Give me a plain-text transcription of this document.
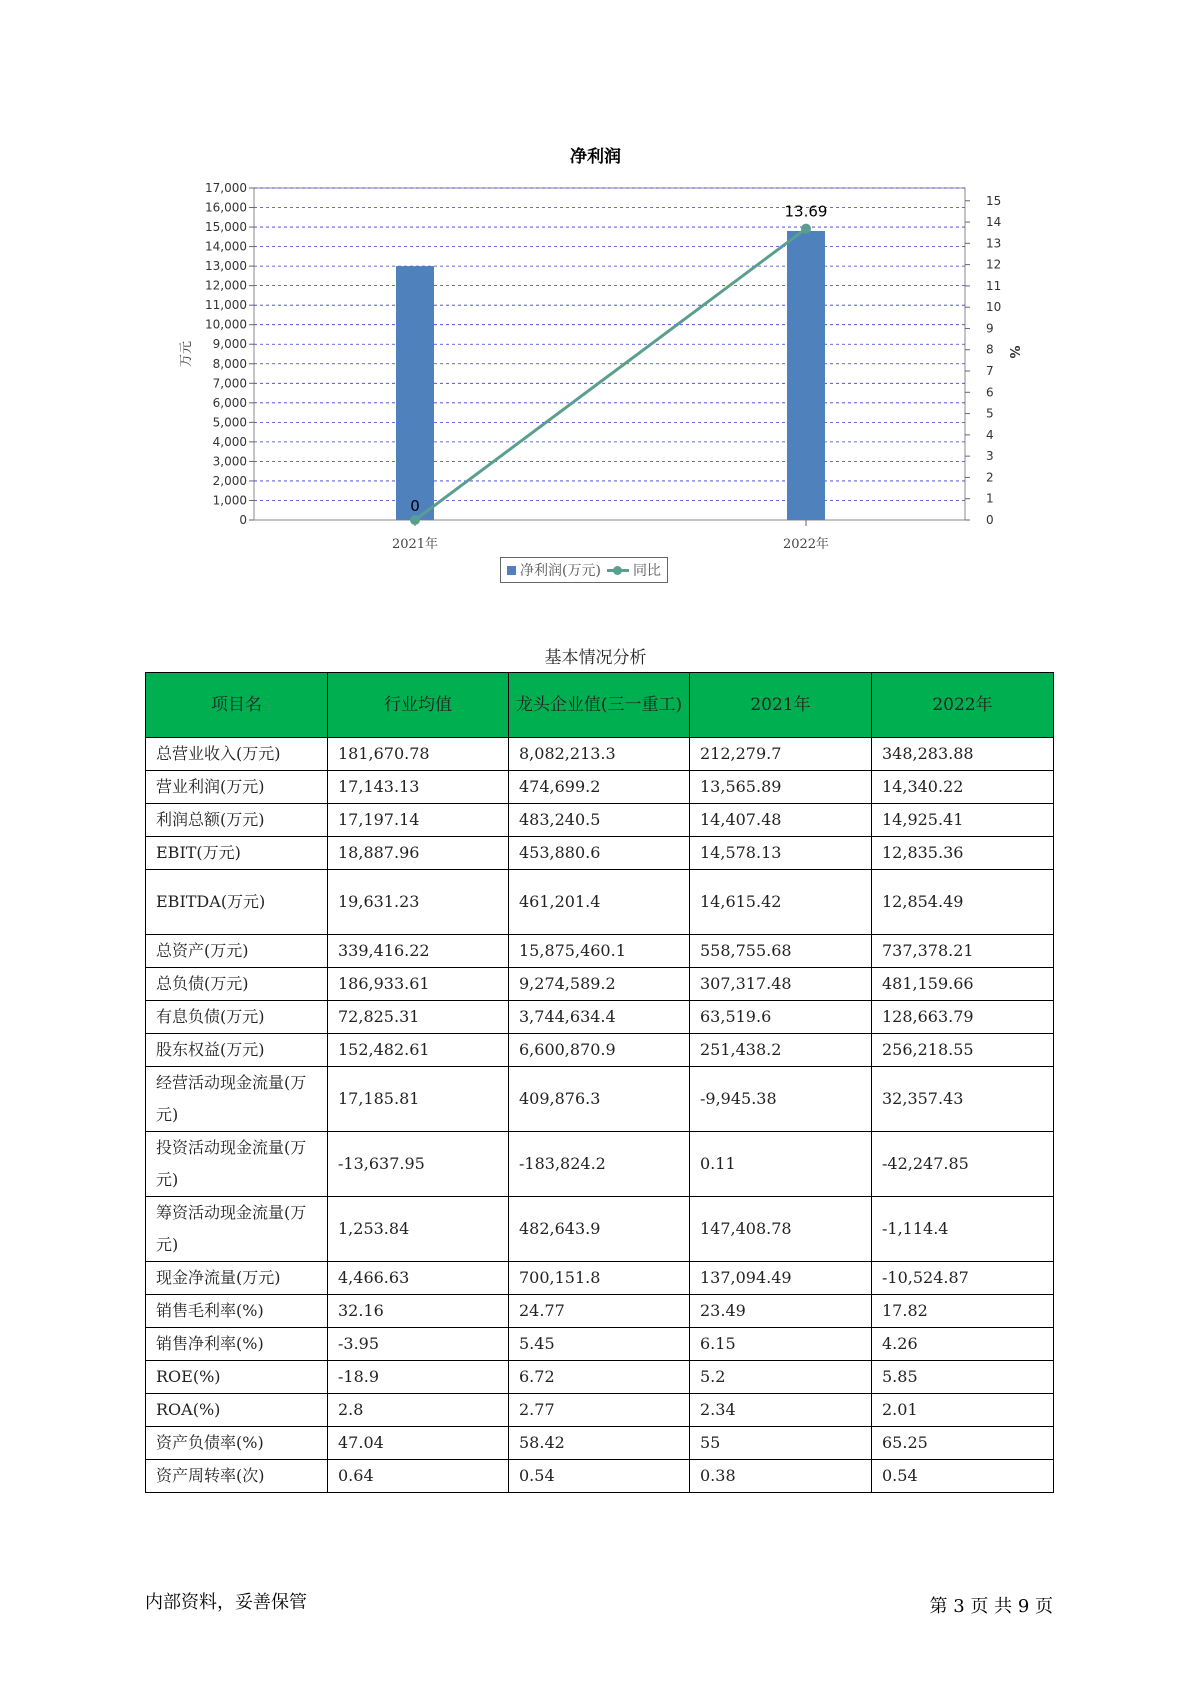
净利润
0
1,000
2,000
3,000
4,000
5,000
6,000
7,000
8,000
9,000
10,000
11,000
12,000
13,000
14,000
15,000
16,000
17,000
0
1
2
3
4
5
6
7
8
9
10
11
12
13
14
15
万元	%
2021年	2022年
0
13.69
净利润(万元) 同比
基本情况分析
项目名	行业均值	龙头企业值(三一重工)	2021年	2022年
总营业收入(万元)	181,670.78	8,082,213.3	212,279.7	348,283.88
营业利润(万元)	17,143.13	474,699.2	13,565.89	14,340.22
利润总额(万元)	17,197.14	483,240.5	14,407.48	14,925.41
EBIT(万元)	18,887.96	453,880.6	14,578.13	12,835.36
EBITDA(万元)	19,631.23	461,201.4	14,615.42	12,854.49
总资产(万元)	339,416.22	15,875,460.1	558,755.68	737,378.21
总负债(万元)	186,933.61	9,274,589.2	307,317.48	481,159.66
有息负债(万元)	72,825.31	3,744,634.4	63,519.6	128,663.79
股东权益(万元)	152,482.61	6,600,870.9	251,438.2	256,218.55
经营活动现金流量(万元)	17,185.81	409,876.3	-9,945.38	32,357.43
投资活动现金流量(万元)	-13,637.95	-183,824.2	0.11	-42,247.85
筹资活动现金流量(万元)	1,253.84	482,643.9	147,408.78	-1,114.4
现金净流量(万元)	4,466.63	700,151.8	137,094.49	-10,524.87
销售毛利率(%)	32.16	24.77	23.49	17.82
销售净利率(%)	-3.95	5.45	6.15	4.26
ROE(%)	-18.9	6.72	5.2	5.85
ROA(%)	2.8	2.77	2.34	2.01
资产负债率(%)	47.04	58.42	55	65.25
资产周转率(次)	0.64	0.54	0.38	0.54
内部资料，妥善保管	第 3 页 共 9 页
